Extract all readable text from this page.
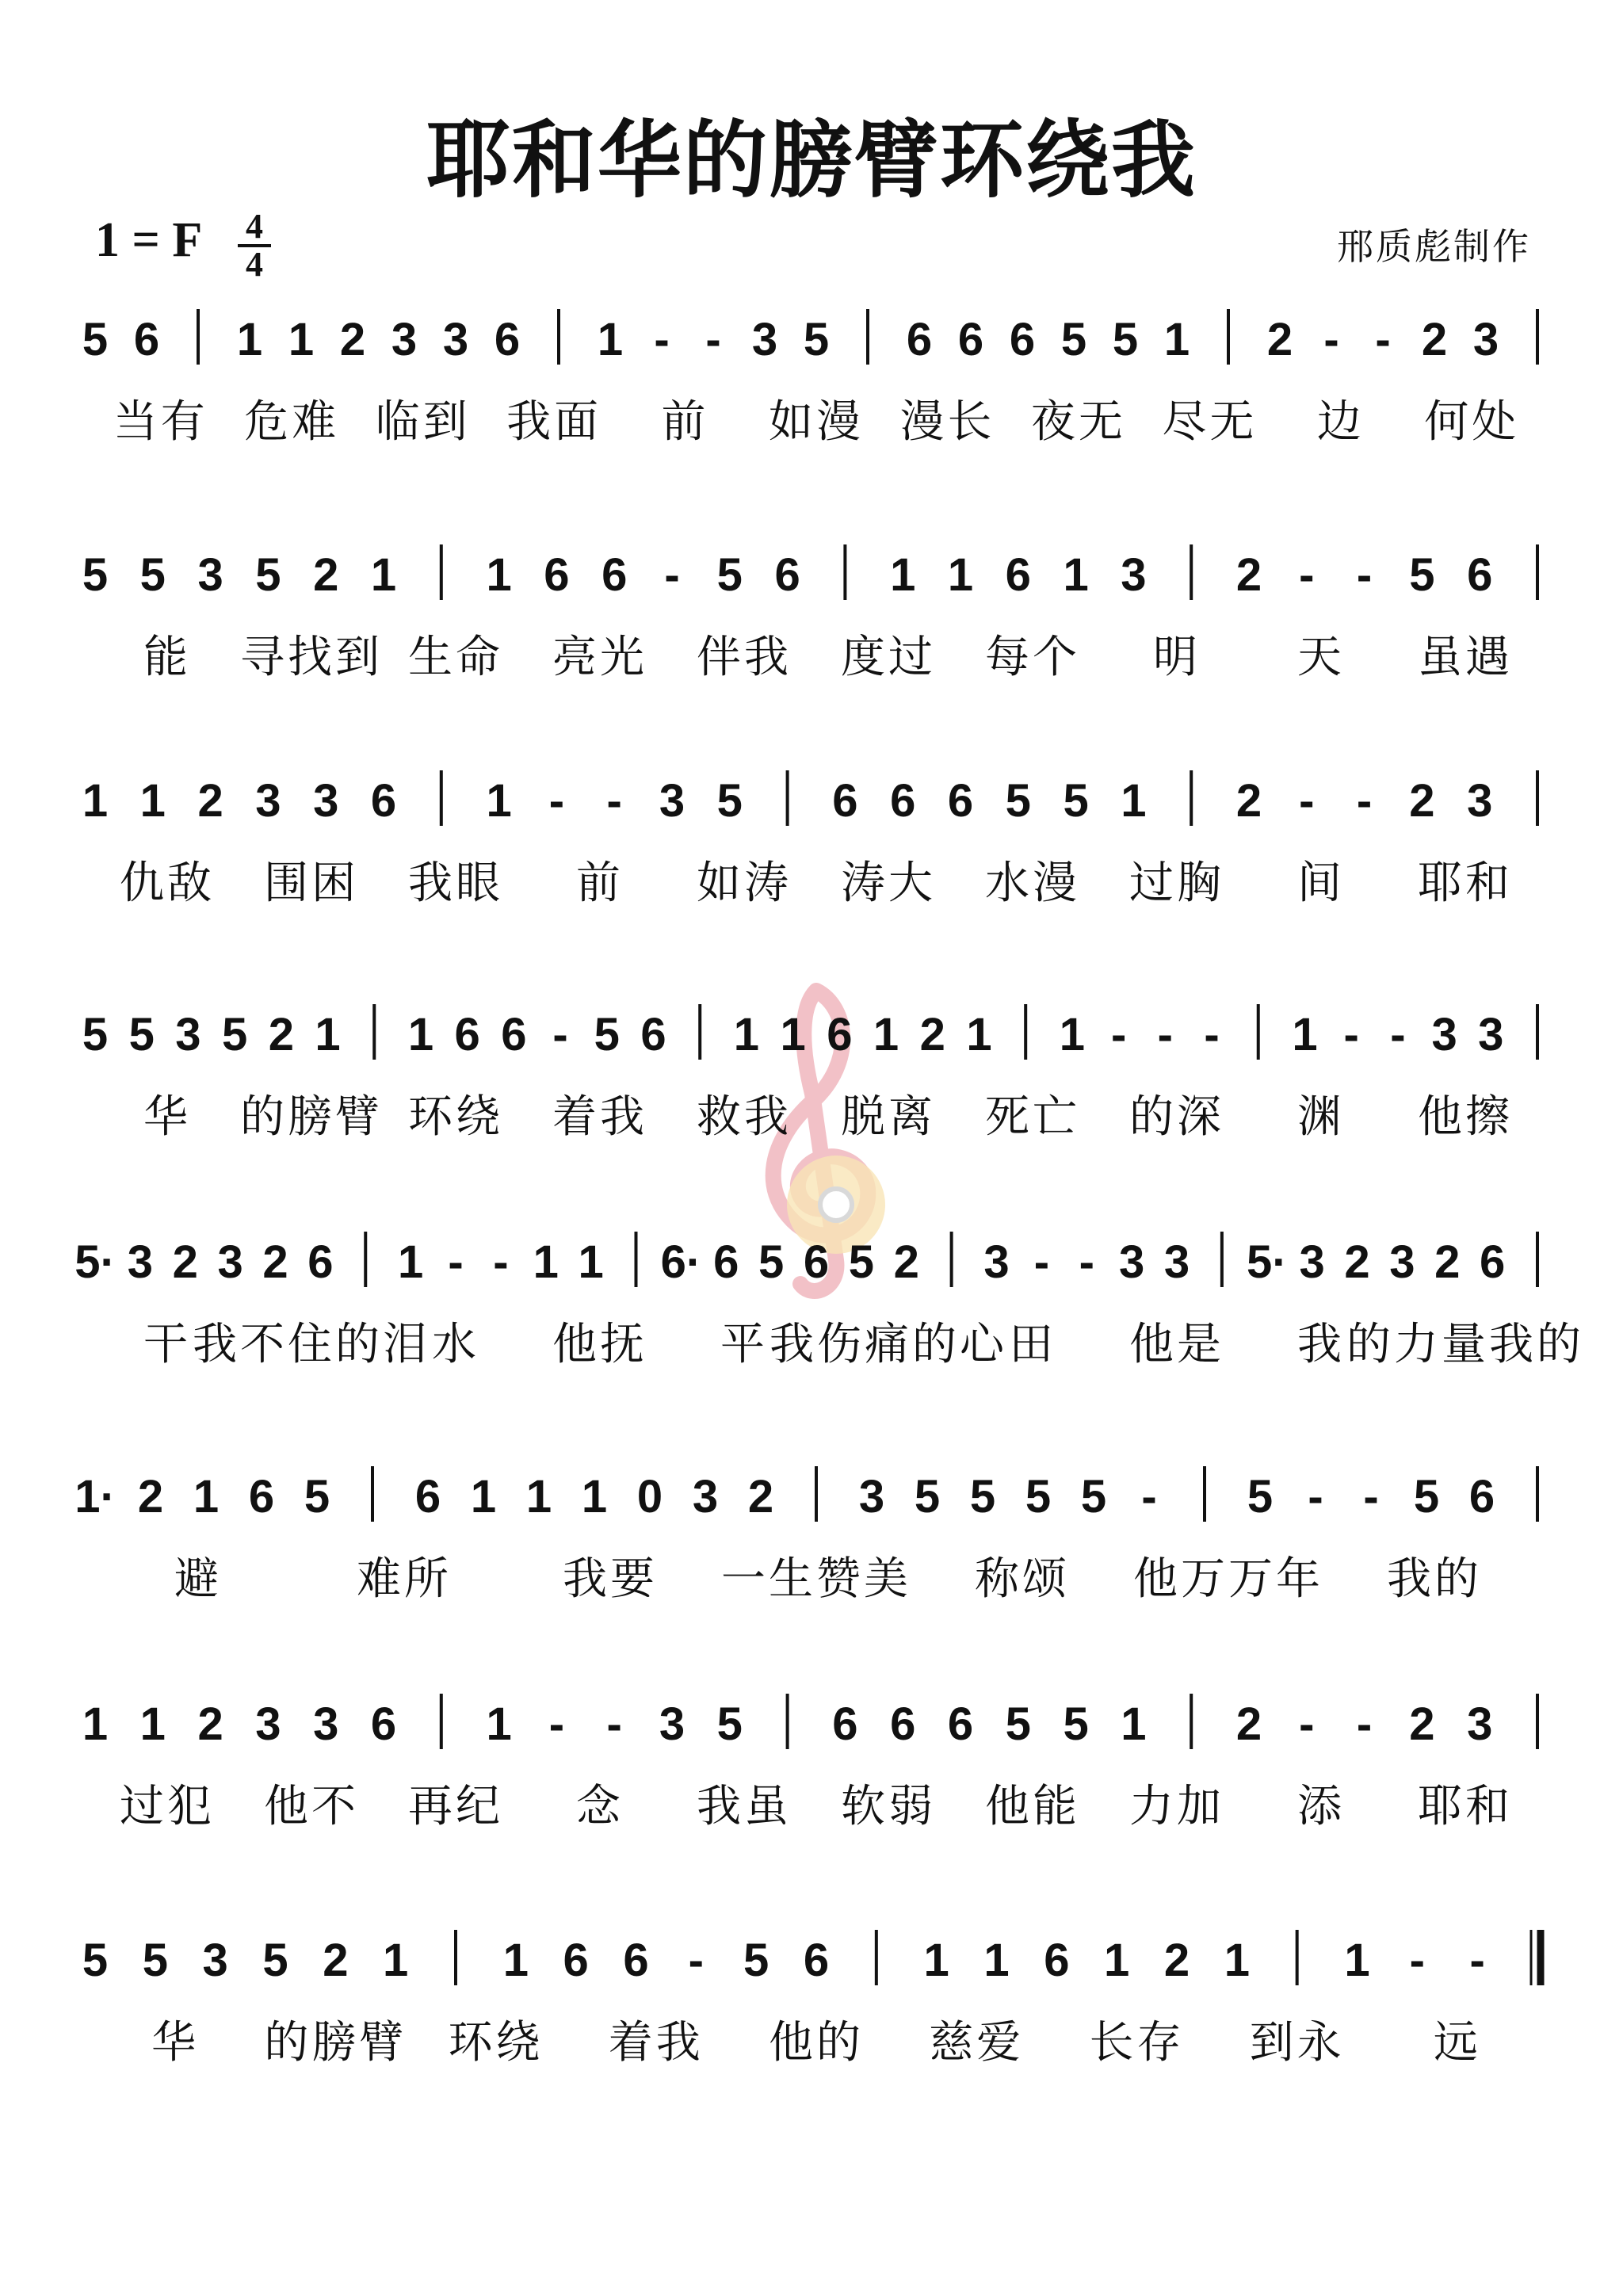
耶和华的膀臂环绕我
1 = F	4
4	邢质彪制作
5 6 1 1 2 3 3 6 1 - - 3 5 6 6 6 5 5 1 2 - - 2 3
当有 危难 临到 我面 前 如漫 漫长 夜无 尽无 边 何处
5 5 3 5 2 1 1 6 6 - 5 6 1 1 6 1 3 2 - - 5 6
能 寻找到 生命 亮光 伴我 度过 每个 明 天 虽遇
1 1 2 3 3 6 1 - - 3 5 6 6 6 5 5 1 2 - - 2 3
仇敌 围困 我眼 前 如涛 涛大 水漫 过胸 间 耶和
5 5 3 5 2 1 1 6 6 - 5 6 1 1 6 1 2 1 1 - - - 1 - - 3 3
华 的膀臂 环绕 着我 救我 脱离 死亡 的深 渊 他擦
5· 3 2 3 2 6 1 - - 1 1 6· 6 5 6 5 2 3 - - 3 3 5· 3 2 3 2 6
干 我不住的泪 水 他抚 平 我伤痛的心 田 他是 我 的力量我的
1· 2 1 6 5 6 1 1 1 0 3 2 3 5 5 5 5 - 5 - - 5 6
避	难所	我要 一生赞美 称颂 他万万年 我的
1 1 2 3 3 6 1 - - 3 5 6 6 6 5 5 1 2 - - 2 3
过犯 他不 再纪 念 我虽 软弱 他能 力加 添 耶和
5 5 3 5 2 1 1 6 6 - 5 6 1 1 6 1 2 1 1 - -
华 的膀臂 环绕 着我 他的 慈爱 长存 到永 远
